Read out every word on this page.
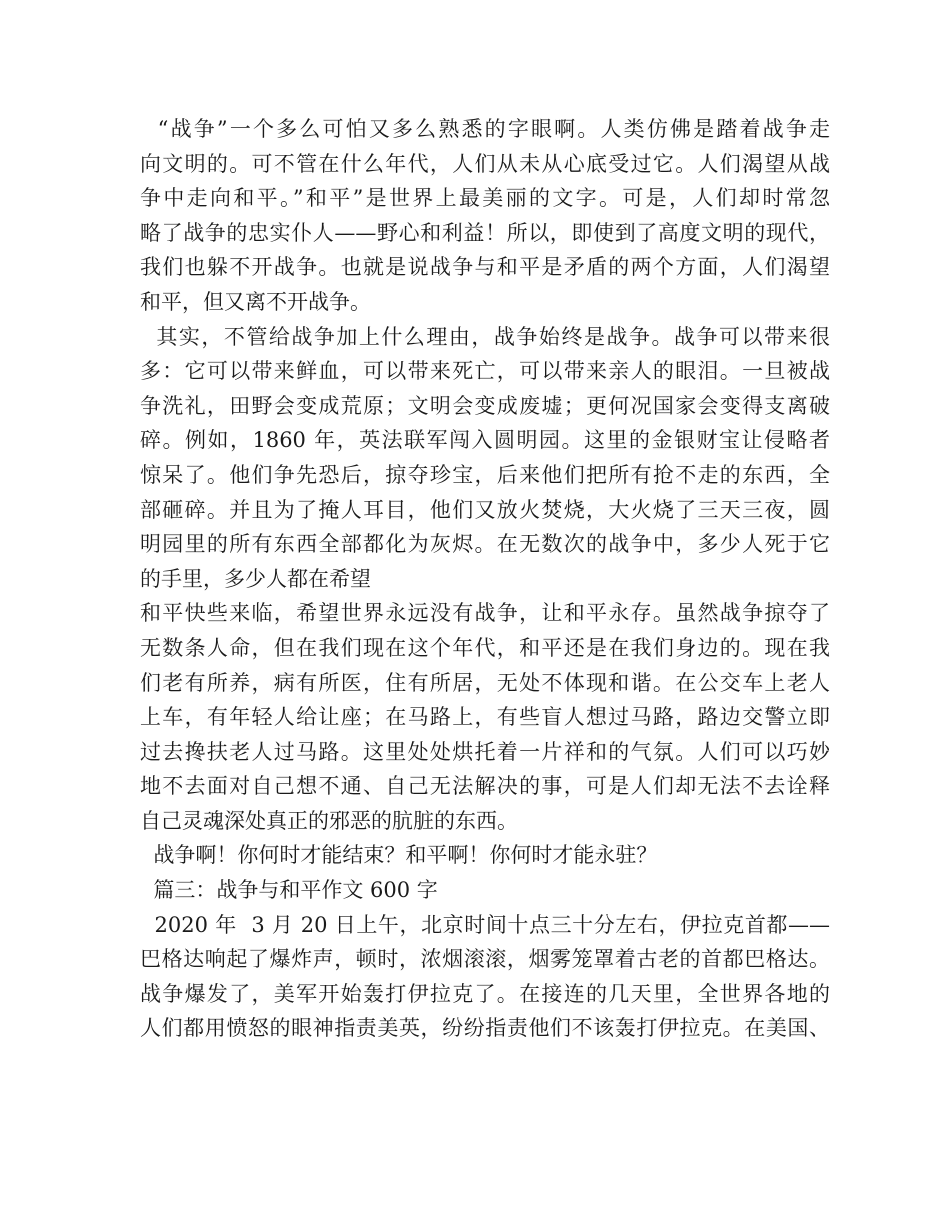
“战争”一个多么可怕又多么熟悉的字眼啊。人类仿佛是踏着战争走
向文明的。可不管在什么年代，人们从未从心底受过它。人们渴望从战
争中走向和平。”和平”是世界上最美丽的文字。可是，人们却时常忽
略了战争的忠实仆人——野心和利益！所以，即使到了高度文明的现代，
我们也躲不开战争。也就是说战争与和平是矛盾的两个方面，人们渴望
和平，但又离不开战争。
其实，不管给战争加上什么理由，战争始终是战争。战争可以带来很
多：它可以带来鲜血，可以带来死亡，可以带来亲人的眼泪。一旦被战
争洗礼，田野会变成荒原；文明会变成废墟；更何况国家会变得支离破
碎。例如，1860 年，英法联军闯入圆明园。这里的金银财宝让侵略者
惊呆了。他们争先恐后，掠夺珍宝，后来他们把所有抢不走的东西，全
部砸碎。并且为了掩人耳目，他们又放火焚烧，大火烧了三天三夜，圆
明园里的所有东西全部都化为灰烬。在无数次的战争中，多少人死于它
的手里，多少人都在希望
和平快些来临，希望世界永远没有战争，让和平永存。虽然战争掠夺了
无数条人命，但在我们现在这个年代，和平还是在我们身边的。现在我
们老有所养，病有所医，住有所居，无处不体现和谐。在公交车上老人
上车，有年轻人给让座；在马路上，有些盲人想过马路，路边交警立即
过去搀扶老人过马路。这里处处烘托着一片祥和的气氛。人们可以巧妙
地不去面对自己想不通、自己无法解决的事，可是人们却无法不去诠释
自己灵魂深处真正的邪恶的肮脏的东西。
战争啊！你何时才能结束？和平啊！你何时才能永驻？
篇三：战争与和平作文 600 字
2020 年  3 月 20 日上午，北京时间十点三十分左右，伊拉克首都——
巴格达响起了爆炸声，顿时，浓烟滚滚，烟雾笼罩着古老的首都巴格达。
战争爆发了，美军开始轰打伊拉克了。在接连的几天里，全世界各地的
人们都用愤怒的眼神指责美英，纷纷指责他们不该轰打伊拉克。在美国、
